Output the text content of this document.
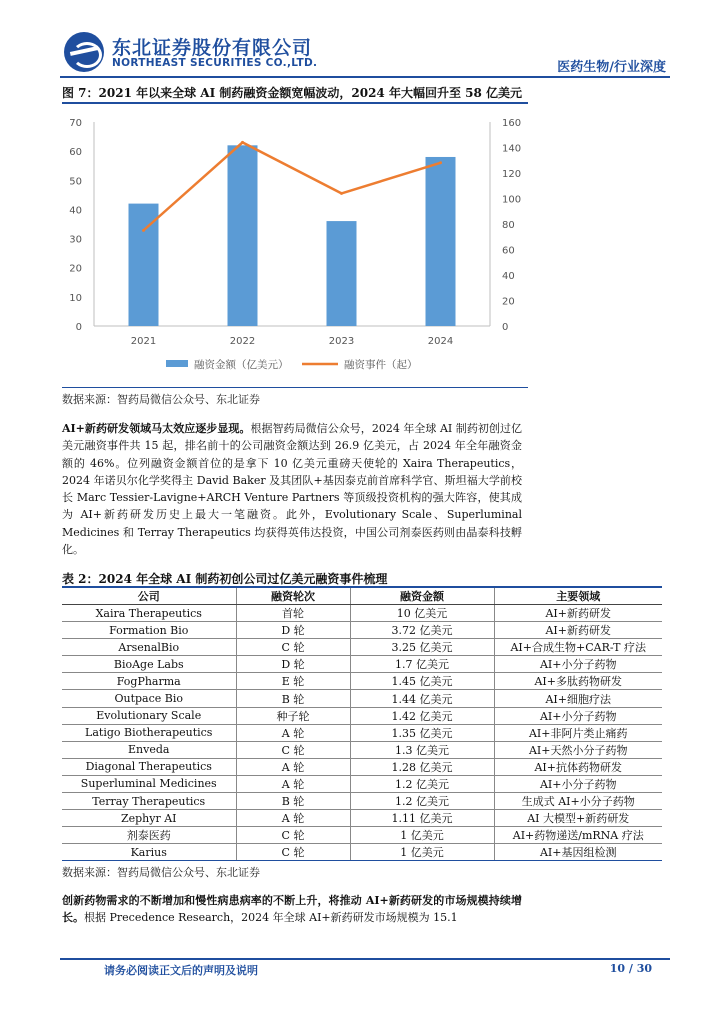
东北证券股份有限公司
NORTHEAST SECURITIES CO.,LTD.	医药生物/行业深度
图 7：2021 年以来全球 AI 制药融资金额宽幅波动，2024 年大幅回升至 58 亿美元
0
10
20
30
40
50
60
70
0
20
40
60
80
100
120
140
160
2021	2022	2023	2024
融资金额（亿美元）	融资事件（起）
数据来源：智药局微信公众号、东北证券
AI+新药研发领域马太效应逐步显现。根据智药局微信公众号，2024 年全球 AI 制药初创过亿美元融资事件共 15 起，排名前十的公司融资金额达到 26.9 亿美元，占 2024 年全年融资金额的 46%。位列融资金额首位的是拿下 10 亿美元重磅天使轮的 Xaira Therapeutics，2024 年诺贝尔化学奖得主 David Baker 及其团队+基因泰克前首席科学官、斯坦福大学前校长 Marc Tessier-Lavigne+ARCH Venture Partners 等顶级投资机构的强大阵容，使其成为 AI+新药研发历史上最大一笔融资。此外，Evolutionary Scale、Superluminal Medicines 和 Terray Therapeutics 均获得英伟达投资，中国公司剂泰医药则由晶泰科技孵化。
表 2：2024 年全球 AI 制药初创公司过亿美元融资事件梳理
公司	融资轮次	融资金额	主要领域
Xaira Therapeutics	首轮	10 亿美元	AI+新药研发
Formation Bio	D 轮	3.72 亿美元	AI+新药研发
ArsenalBio	C 轮	3.25 亿美元	AI+合成生物+CAR-T 疗法
BioAge Labs	D 轮	1.7 亿美元	AI+小分子药物
FogPharma	E 轮	1.45 亿美元	AI+多肽药物研发
Outpace Bio	B 轮	1.44 亿美元	AI+细胞疗法
Evolutionary Scale	种子轮	1.42 亿美元	AI+小分子药物
Latigo Biotherapeutics	A 轮	1.35 亿美元	AI+非阿片类止痛药
Enveda	C 轮	1.3 亿美元	AI+天然小分子药物
Diagonal Therapeutics	A 轮	1.28 亿美元	AI+抗体药物研发
Superluminal Medicines	A 轮	1.2 亿美元	AI+小分子药物
Terray Therapeutics	B 轮	1.2 亿美元	生成式 AI+小分子药物
Zephyr AI	A 轮	1.11 亿美元	AI 大模型+新药研发
剂泰医药	C 轮	1 亿美元	AI+药物递送/mRNA 疗法
Karius	C 轮	1 亿美元	AI+基因组检测
数据来源：智药局微信公众号、东北证券
创新药物需求的不断增加和慢性病患病率的不断上升，将推动 AI+新药研发的市场规模持续增长。根据 Precedence Research，2024 年全球 AI+新药研发市场规模为 15.1
请务必阅读正文后的声明及说明	10 / 30
